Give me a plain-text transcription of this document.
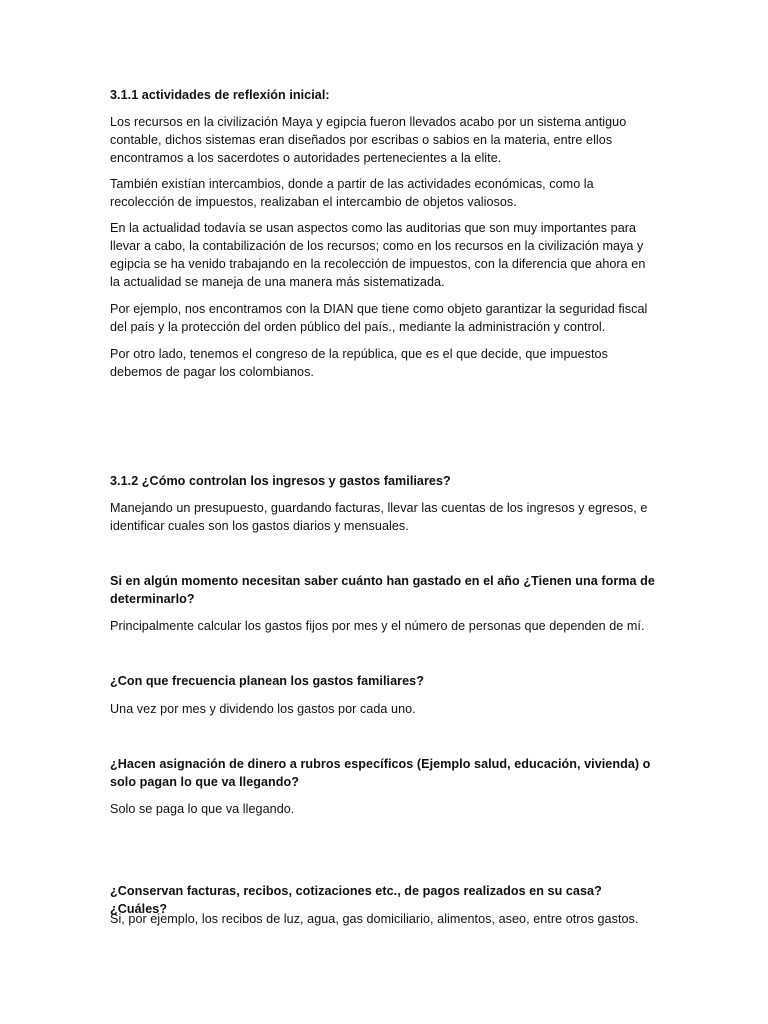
3.1.1 actividades de reflexión inicial:

Los recursos en la civilización Maya y egipcia fueron llevados acabo por un sistema antiguo contable, dichos sistemas eran diseñados por escribas o sabios en la materia, entre ellos encontramos a los sacerdotes o autoridades pertenecientes a la elite.

También existían intercambios, donde a partir de las actividades económicas, como la recolección de impuestos, realizaban el intercambio de objetos valiosos.

En la actualidad todavía se usan aspectos como las auditorias que son muy importantes para llevar a cabo, la contabilización de los recursos; como en los recursos en la civilización maya y egipcia se ha venido trabajando en la recolección de impuestos, con la diferencia que ahora en la actualidad se maneja de una manera más sistematizada.

Por ejemplo, nos encontramos con la DIAN que tiene como objeto garantizar la seguridad fiscal del país y la protección del orden público del país., mediante la administración y control.

Por otro lado, tenemos el congreso de la república, que es el que decide, que impuestos debemos de pagar los colombianos.

3.1.2 ¿Cómo controlan los ingresos y gastos familiares?

Manejando un presupuesto, guardando facturas, llevar las cuentas de los ingresos y egresos, e identificar cuales son los gastos diarios y mensuales.

Si en algún momento necesitan saber cuánto han gastado en el año ¿Tienen una forma de determinarlo?

Principalmente calcular los gastos fijos por mes y el número de personas que dependen de mí.

¿Con que frecuencia planean los gastos familiares?

Una vez por mes y dividendo los gastos por cada uno.

¿Hacen asignación de dinero a rubros específicos (Ejemplo salud, educación, vivienda) o solo pagan lo que va llegando?

Solo se paga lo que va llegando.

¿Conservan facturas, recibos, cotizaciones etc., de pagos realizados en su casa? ¿Cuáles?

Si, por ejemplo, los recibos de luz, agua, gas domiciliario, alimentos, aseo, entre otros gastos.
